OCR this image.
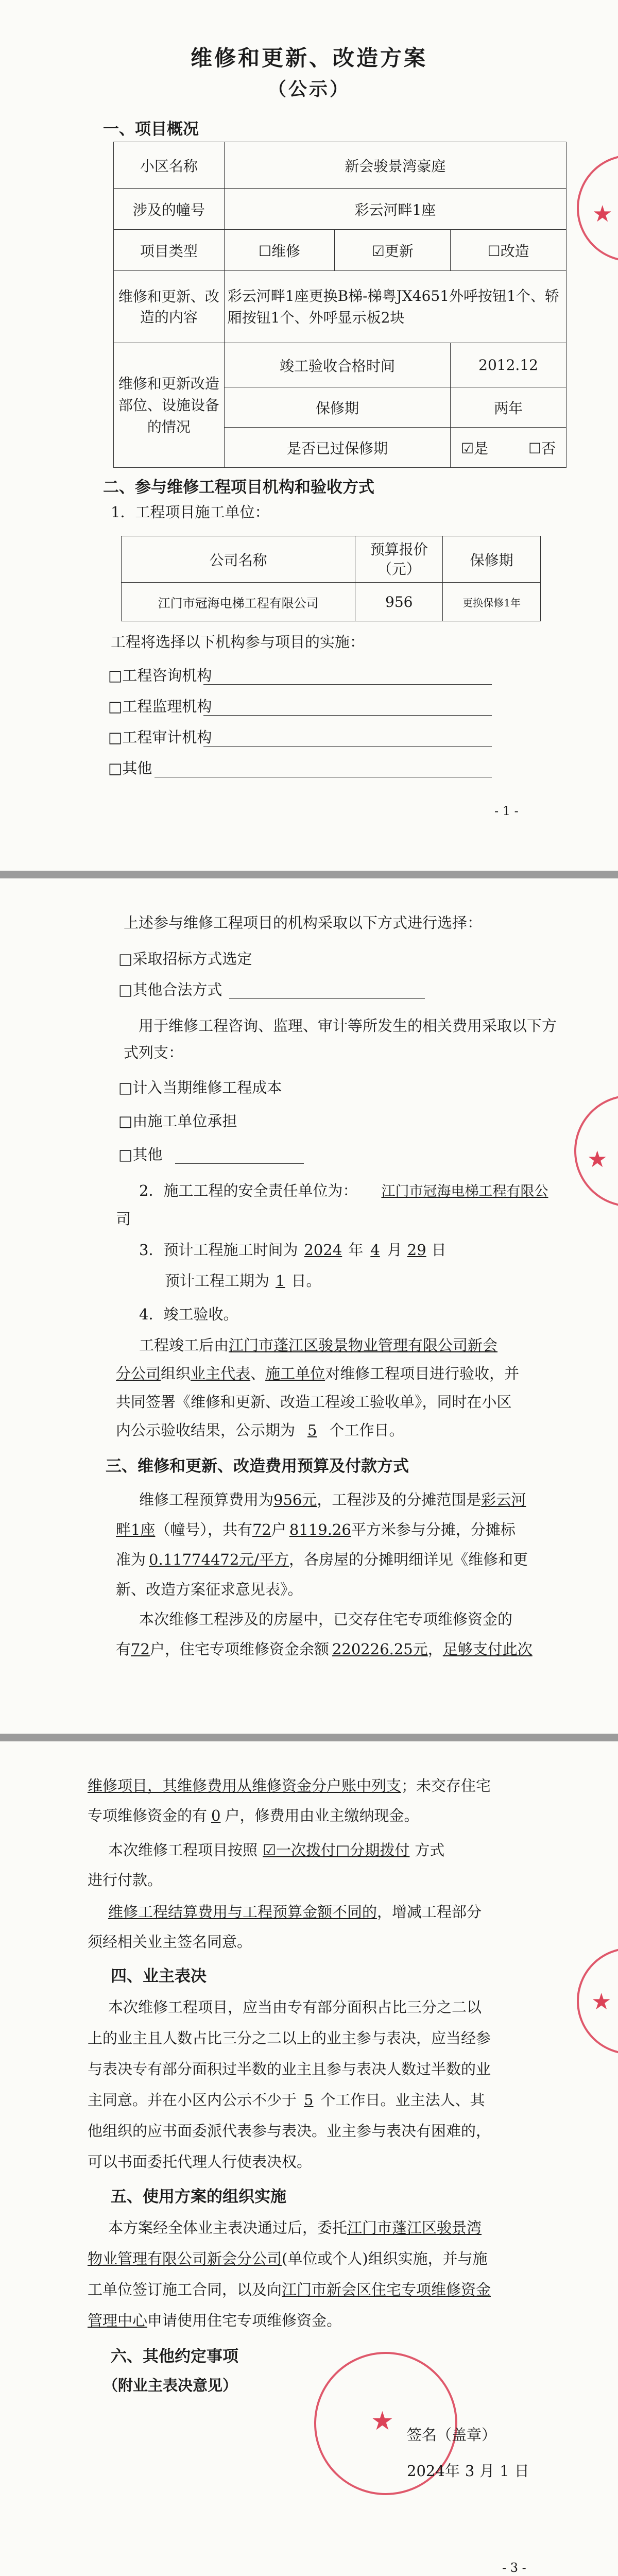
维修和更新、改造方案
（公示）
一、项目概况
小区名称	新会骏景湾豪庭		
涉及的幢号	彩云河畔1座		
项目类型	☐维修	☑更新	☐改造
维修和更新、改造的内容	彩云河畔1座更换B梯-梯粤JX4651外呼按钮1个、轿厢按钮1个、外呼显示板2块		
维修和更新改造部位、设施设备的情况	竣工验收合格时间		2012.12
	保修期		两年
	是否已过保修期		☑是 ☐否
二、参与维修工程项目机构和验收方式
1．工程项目施工单位：
公司名称	预算报价（元）	保修期
江门市冠海电梯工程有限公司	956	更换保修1年
工程将选择以下机构参与项目的实施：
□工程咨询机构
□工程监理机构
□工程审计机构
□其他
- 1 -
★
上述参与维修工程项目的机构采取以下方式进行选择：
□采取招标方式选定
□其他合法方式
用于维修工程咨询、监理、审计等所发生的相关费用采取以下方式列支：
□计入当期维修工程成本
□由施工单位承担
□其他
2．施工工程的安全责任单位为： 江门市冠海电梯工程有限公
司
3．预计工程施工时间为 2024 年 4 月 29 日
预计工程工期为 1 日。
4．竣工验收。
工程竣工后由江门市蓬江区骏景物业管理有限公司新会
分公司组织业主代表、施工单位对维修工程项目进行验收，并
共同签署《维修和更新、改造工程竣工验收单》，同时在小区
内公示验收结果，公示期为 5 个工作日。
三、维修和更新、改造费用预算及付款方式
维修工程预算费用为956元，工程涉及的分摊范围是彩云河
畔1座（幢号），共有72户 8119.26平方米参与分摊，分摊标
准为 0.11774472元/平方，各房屋的分摊明细详见《维修和更
新、改造方案征求意见表》。
本次维修工程涉及的房屋中，已交存住宅专项维修资金的
有72户，住宅专项维修资金余额 220226.25元，足够支付此次
★
维修项目，其维修费用从维修资金分户账中列支；未交存住宅
专项维修资金的有 0 户，修费用由业主缴纳现金。
本次维修工程项目按照 ☑一次拨付□分期拨付 方式
进行付款。
维修工程结算费用与工程预算金额不同的，增减工程部分
须经相关业主签名同意。
四、业主表决
本次维修工程项目，应当由专有部分面积占比三分之二以
上的业主且人数占比三分之二以上的业主参与表决，应当经参
与表决专有部分面积过半数的业主且参与表决人数过半数的业
主同意。并在小区内公示不少于 5 个工作日。业主法人、其
他组织的应书面委派代表参与表决。业主参与表决有困难的，
可以书面委托代理人行使表决权。
五、使用方案的组织实施
本方案经全体业主表决通过后，委托江门市蓬江区骏景湾
物业管理有限公司新会分公司(单位或个人)组织实施，并与施
工单位签订施工合同，以及向江门市新会区住宅专项维修资金
管理中心申请使用住宅专项维修资金。
六、其他约定事项
（附业主表决意见）
★ 签名（盖章）
2024年 3 月 1 日
- 3 -
★
